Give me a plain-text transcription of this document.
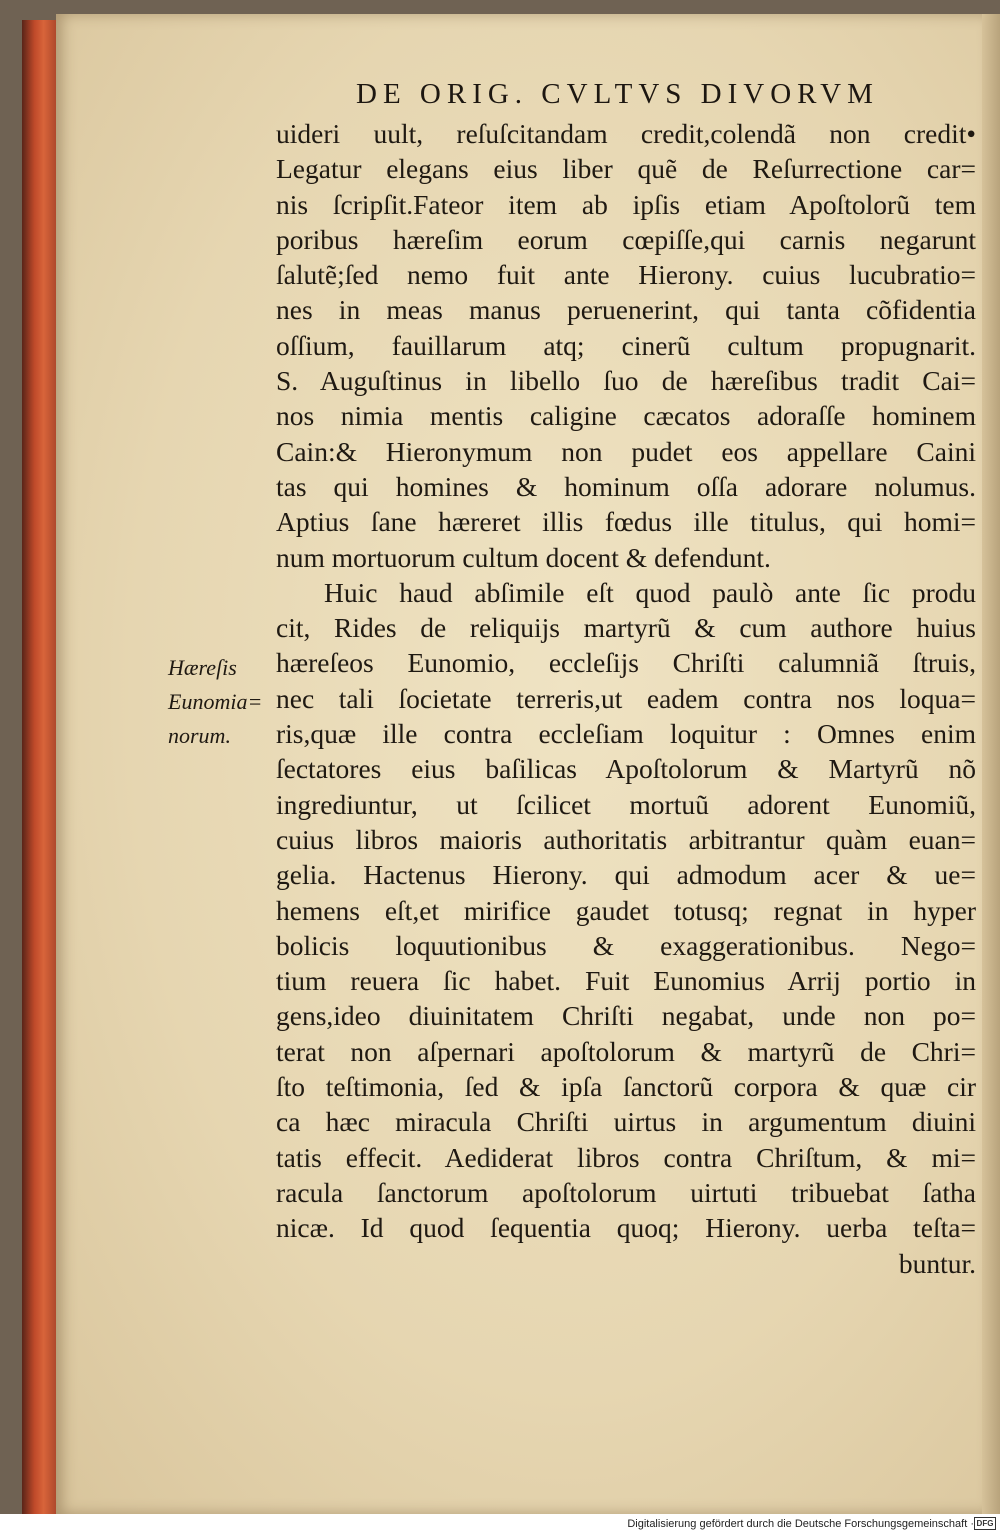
DE ORIG. CVLTVS DIVORVM
Hæreſis
Eunomia=
norum.
uideri uult, reſuſcitandam credit,colendã non credit•
Legatur elegans eius liber quẽ de Reſurrectione car=
nis ſcripſit.Fateor item ab ipſis etiam Apoſtolorũ tem
poribus hæreſim eorum cœpiſſe,qui carnis negarunt
ſalutẽ;ſed nemo fuit ante Hierony. cuius lucubratio=
nes in meas manus peruenerint, qui tanta cõfidentia
oſſium, fauillarum atq; cinerũ cultum propugnarit.
S. Auguſtinus in libello ſuo de hæreſibus tradit Cai=
nos nimia mentis caligine cæcatos adoraſſe hominem
Cain:& Hieronymum non pudet eos appellare Caini
tas qui homines & hominum oſſa adorare nolumus.
Aptius ſane hæreret illis fœdus ille titulus, qui homi=
num mortuorum cultum docent & defendunt.
Huic haud abſimile eſt quod paulò ante ſic produ
cit, Rides de reliquijs martyrũ & cum authore huius
hæreſeos Eunomio, eccleſijs Chriſti calumniã ſtruis,
nec tali ſocietate terreris,ut eadem contra nos loqua=
ris,quæ ille contra eccleſiam loquitur : Omnes enim
ſectatores eius baſilicas Apoſtolorum & Martyrũ nõ
ingrediuntur, ut ſcilicet mortuũ adorent Eunomiũ,
cuius libros maioris authoritatis arbitrantur quàm euan=
gelia. Hactenus Hierony. qui admodum acer & ue=
hemens eſt,et mirifice gaudet totusq; regnat in hyper
bolicis loquutionibus & exaggerationibus. Nego=
tium reuera ſic habet. Fuit Eunomius Arrij portio in
gens,ideo diuinitatem Chriſti negabat, unde non po=
terat non aſpernari apoſtolorum & martyrũ de Chri=
ſto teſtimonia, ſed & ipſa ſanctorũ corpora & quæ cir
ca hæc miracula Chriſti uirtus in argumentum diuini
tatis effecit. Aediderat libros contra Chriſtum, & mi=
racula ſanctorum apoſtolorum uirtuti tribuebat ſatha
nicæ. Id quod ſequentia quoq; Hierony. uerba teſta=
buntur.
Digitalisierung gefördert durch die Deutsche Forschungsgemeinschaft · DFG
